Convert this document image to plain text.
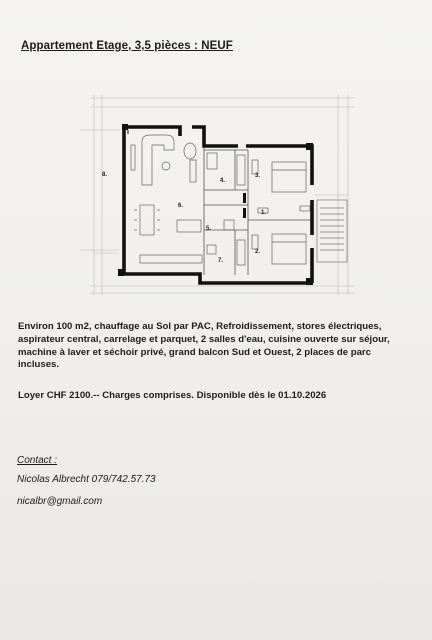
Appartement Etage, 3,5 pièces : NEUF
8.
6.
4.
3.
1.
5.
2.
7.
Environ 100 m2, chauffage au Sol par PAC, Refroidissement, stores électriques, aspirateur central, carrelage et parquet, 2 salles d'eau, cuisine ouverte sur séjour, machine à laver et séchoir privé, grand balcon Sud et Ouest, 2 places de parc incluses.
Loyer CHF 2100.-- Charges comprises. Disponible dès le 01.10.2026
Contact :
Nicolas Albrecht 079/742.57.73
nicalbr@gmail.com
